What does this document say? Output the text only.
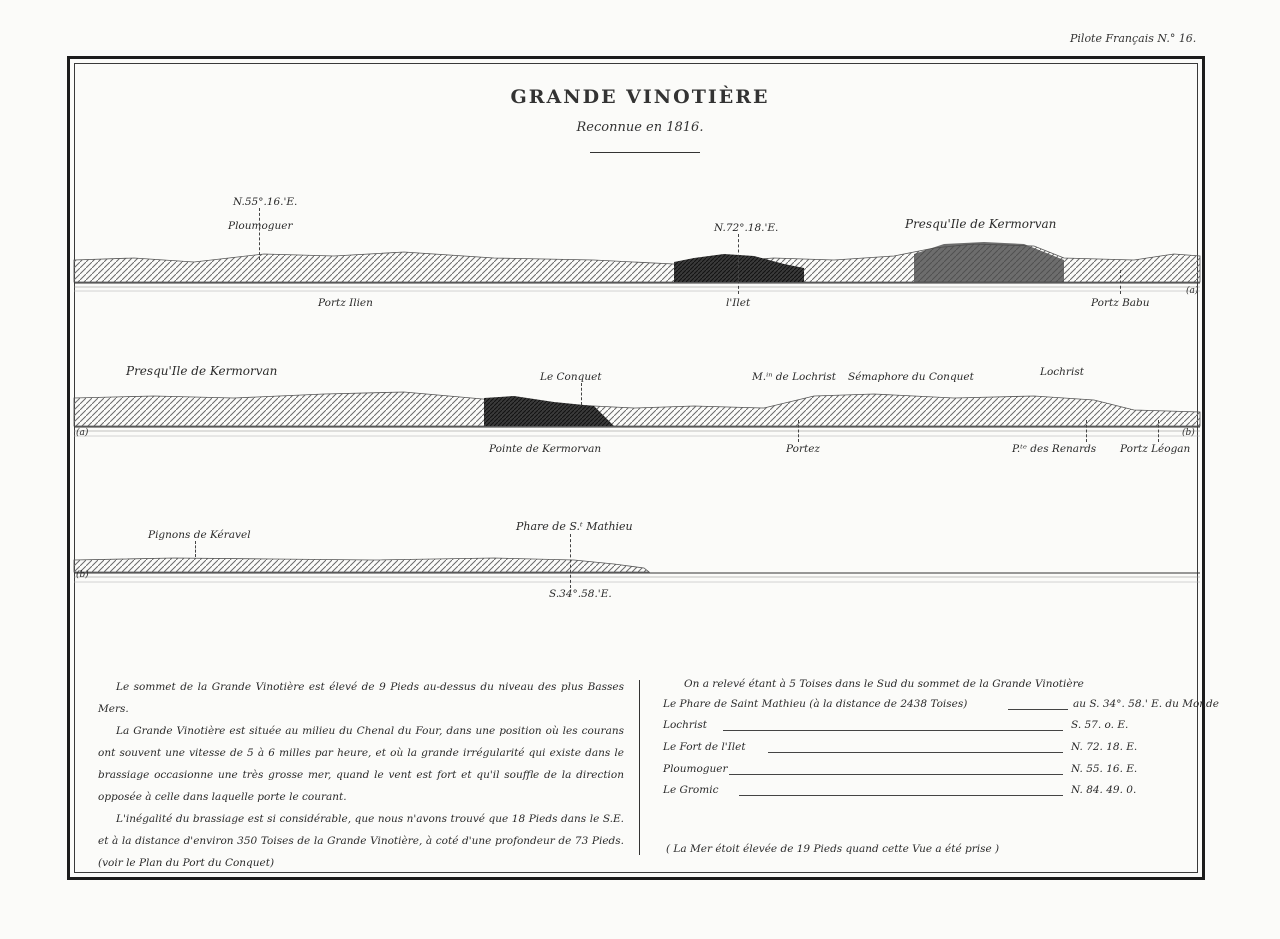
Pilote Français N.° 16.
GRANDE VINOTIÈRE
Reconnue en 1816.
N.55°.16.'E.
Ploumoguer	N.72°.18.'E.	Presqu'Ile de Kermorvan
Portz Ilien	l'Ilet	Portz Babu
(a)
Presqu'Ile de Kermorvan	Le Conquet	M.ⁱⁿ de Lochrist Sémaphore du Conquet	Lochrist
Pointe de Kermorvan	Portez	P.ᵗᵉ des Renards Portz Léogan
(a)	(b)
Pignons de Kéravel
Phare de S.ᵗ Mathieu
S.34°.58.'E.
(b)

Le sommet de la Grande Vinotière est élevé de 9 Pieds au-dessus du niveau des plus Basses Mers.

La Grande Vinotière est située au milieu du Chenal du Four, dans une position où les courans ont souvent une vitesse de 5 à 6 milles par heure, et où la grande irrégularité qui existe dans le brassiage occasionne une très grosse mer, quand le vent est fort et qu'il souffle de la direction opposée à celle dans laquelle porte le courant.

L'inégalité du brassiage est si considérable, que nous n'avons trouvé que 18 Pieds dans le S.E. et à la distance d'environ 350 Toises de la Grande Vinotière, à coté d'une profondeur de 73 Pieds. (voir le Plan du Port du Conquet)

On a relevé étant à 5 Toises dans le Sud du sommet de la Grande Vinotière
Le Phare de Saint Mathieu (à la distance de 2438 Toises)	au S. 34°. 58.' E. du Monde
Lochrist	S. 57. o. E.
Le Fort de l'Ilet	N. 72. 18. E.
Ploumoguer	N. 55. 16. E.
Le Gromic	N. 84. 49. 0.
( La Mer étoit élevée de 19 Pieds quand cette Vue a été prise )
